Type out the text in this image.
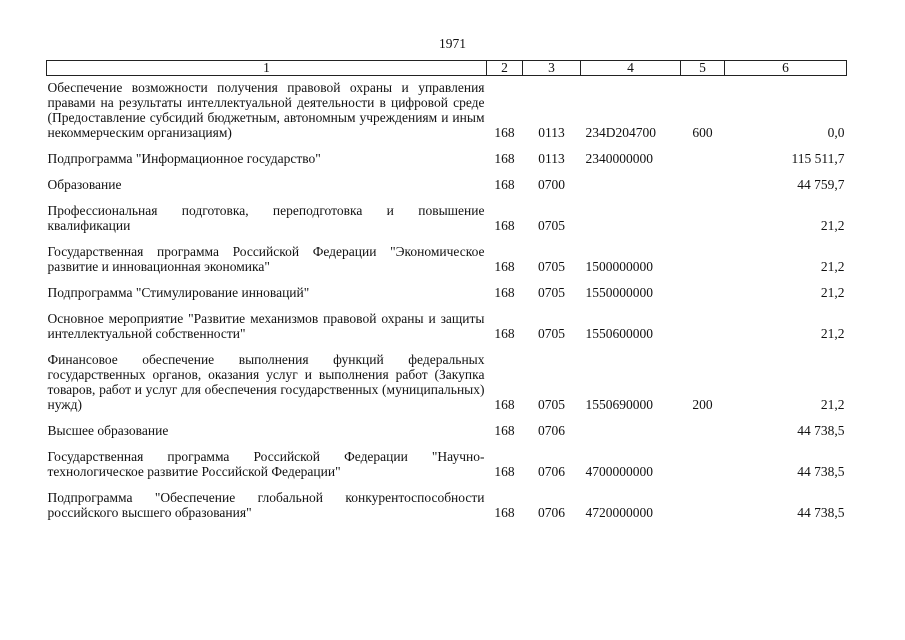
1971
1	2	3	4	5	6
Обеспечение возможности получения правовой охраны и управления правами на результаты интеллектуальной деятельности в цифровой среде (Предоставление субсидий бюджетным, автономным учреждениям и иным некоммерческим организациям)	168	0113	234D204700	600	0,0
Подпрограмма "Информационное государство"	168	0113	2340000000		115 511,7
Образование	168	0700			44 759,7
Профессиональная подготовка, переподготовка и повышение квалификации	168	0705			21,2
Государственная программа Российской Федерации "Экономическое развитие и инновационная экономика"	168	0705	1500000000		21,2
Подпрограмма "Стимулирование инноваций"	168	0705	1550000000		21,2
Основное мероприятие "Развитие механизмов правовой охраны и защиты интеллектуальной собственности"	168	0705	1550600000		21,2
Финансовое обеспечение выполнения функций федеральных государственных органов, оказания услуг и выполнения работ (Закупка товаров, работ и услуг для обеспечения государственных (муниципальных) нужд)	168	0705	1550690000	200	21,2
Высшее образование	168	0706			44 738,5
Государственная программа Российской Федерации "Научно-технологическое развитие Российской Федерации"	168	0706	4700000000		44 738,5
Подпрограмма "Обеспечение глобальной конкурентоспособности российского высшего образования"	168	0706	4720000000		44 738,5
